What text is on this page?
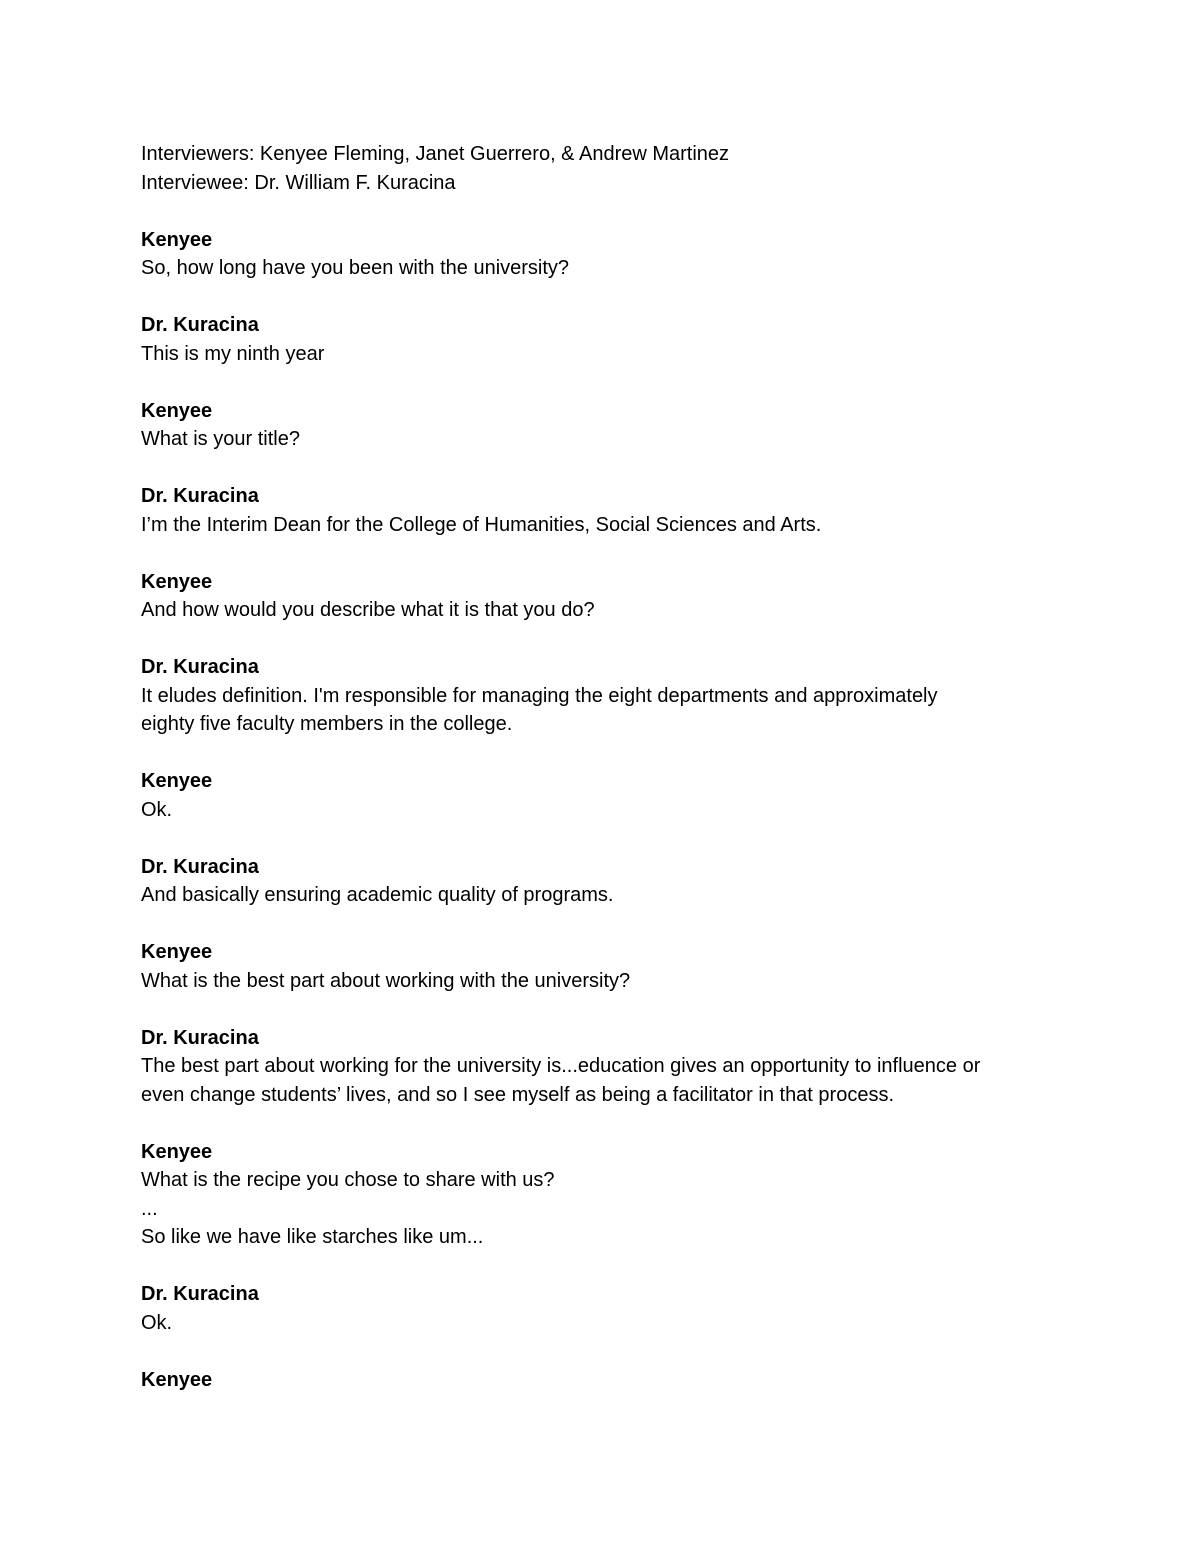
Interviewers: Kenyee Fleming, Janet Guerrero, & Andrew Martinez
Interviewee: Dr. William F. Kuracina
Kenyee
So, how long have you been with the university?
Dr. Kuracina
This is my ninth year
Kenyee
What is your title?
Dr. Kuracina
I’m the Interim Dean for the College of Humanities, Social Sciences and Arts.
Kenyee
And how would you describe what it is that you do?
Dr. Kuracina
It eludes definition. I'm responsible for managing the eight departments and approximately
eighty five faculty members in the college.
Kenyee
Ok.
Dr. Kuracina
And basically ensuring academic quality of programs.
Kenyee
What is the best part about working with the university?
Dr. Kuracina
The best part about working for the university is...education gives an opportunity to influence or
even change students’ lives, and so I see myself as being a facilitator in that process.
Kenyee
What is the recipe you chose to share with us?
...
So like we have like starches like um...
Dr. Kuracina
Ok.
Kenyee
